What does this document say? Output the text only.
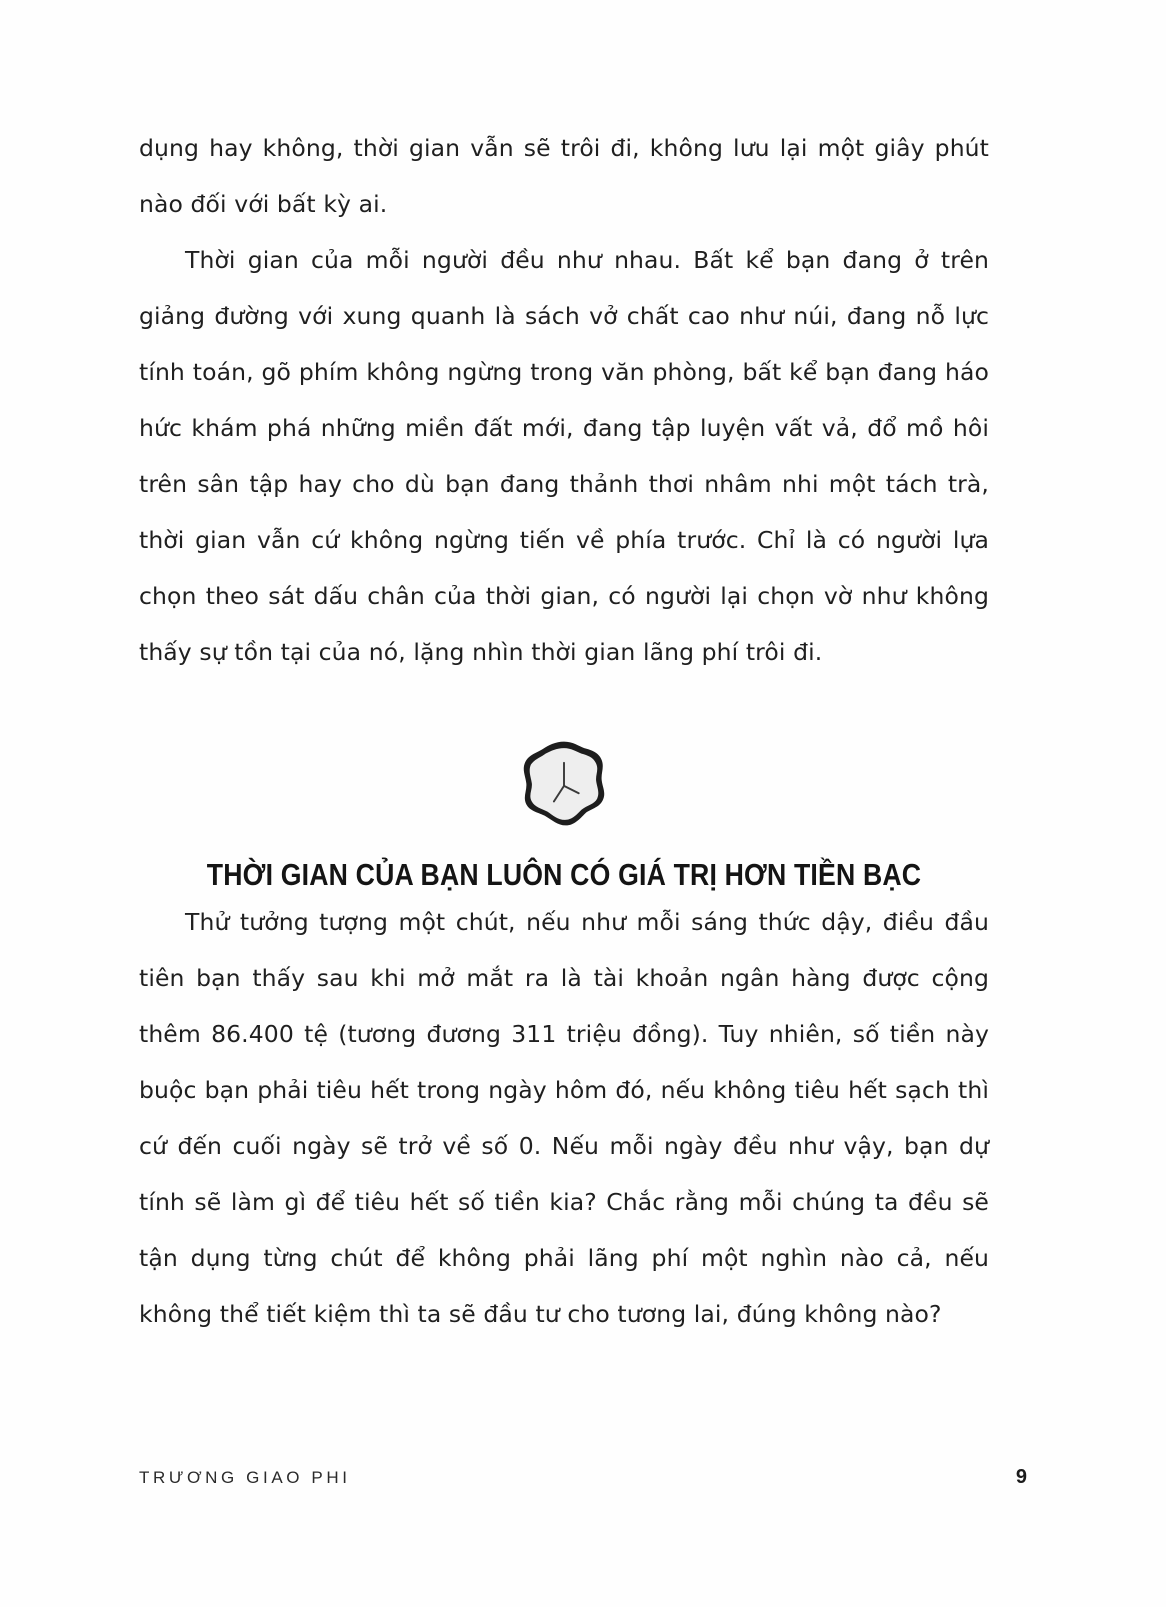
dụng hay không, thời gian vẫn sẽ trôi đi, không lưu lại một giây phút nào đối với bất kỳ ai.

Thời gian của mỗi người đều như nhau. Bất kể bạn đang ở trên giảng đường với xung quanh là sách vở chất cao như núi, đang nỗ lực tính toán, gõ phím không ngừng trong văn phòng, bất kể bạn đang háo hức khám phá những miền đất mới, đang tập luyện vất vả, đổ mồ hôi trên sân tập hay cho dù bạn đang thảnh thơi nhâm nhi một tách trà, thời gian vẫn cứ không ngừng tiến về phía trước. Chỉ là có người lựa chọn theo sát dấu chân của thời gian, có người lại chọn vờ như không thấy sự tồn tại của nó, lặng nhìn thời gian lãng phí trôi đi.

THỜI GIAN CỦA BẠN LUÔN CÓ GIÁ TRỊ HƠN TIỀN BẠC

Thử tưởng tượng một chút, nếu như mỗi sáng thức dậy, điều đầu tiên bạn thấy sau khi mở mắt ra là tài khoản ngân hàng được cộng thêm 86.400 tệ (tương đương 311 triệu đồng). Tuy nhiên, số tiền này buộc bạn phải tiêu hết trong ngày hôm đó, nếu không tiêu hết sạch thì cứ đến cuối ngày sẽ trở về số 0. Nếu mỗi ngày đều như vậy, bạn dự tính sẽ làm gì để tiêu hết số tiền kia? Chắc rằng mỗi chúng ta đều sẽ tận dụng từng chút để không phải lãng phí một nghìn nào cả, nếu không thể tiết kiệm thì ta sẽ đầu tư cho tương lai, đúng không nào?

TRƯƠNG GIAO PHI	9
